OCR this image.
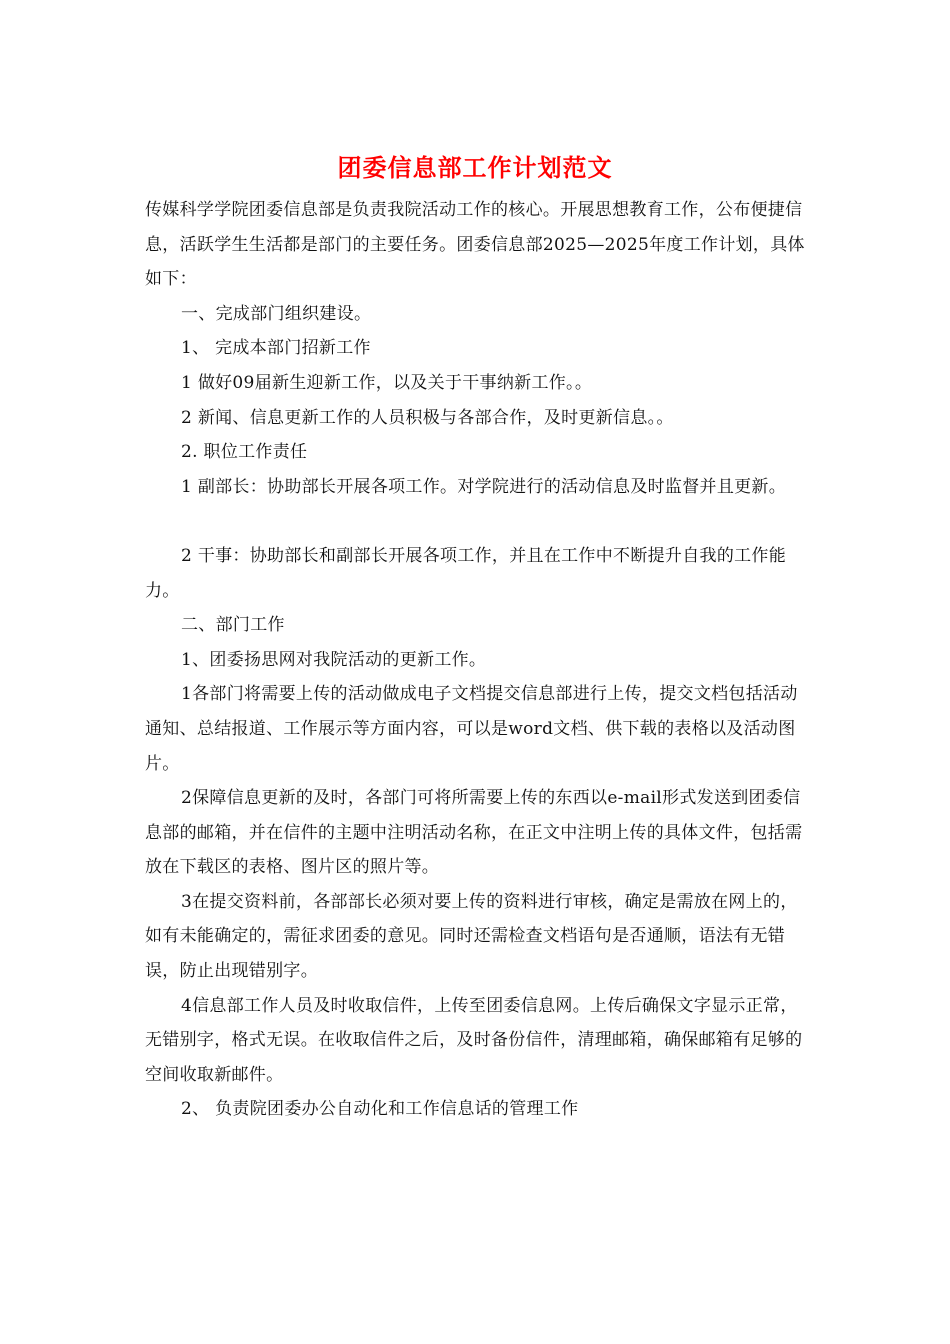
团委信息部工作计划范文

传媒科学学院团委信息部是负责我院活动工作的核心。开展思想教育工作，公布便捷信息，活跃学生生活都是部门的主要任务。团委信息部2025—2025年度工作计划，具体如下：

一、完成部门组织建设。

1、 完成本部门招新工作

1 做好09届新生迎新工作，以及关于干事纳新工作。。

2 新闻、信息更新工作的人员积极与各部合作，及时更新信息。。

2. 职位工作责任

1 副部长：协助部长开展各项工作。对学院进行的活动信息及时监督并且更新。

2 干事：协助部长和副部长开展各项工作，并且在工作中不断提升自我的工作能力。

二、部门工作

1、团委扬思网对我院活动的更新工作。

1各部门将需要上传的活动做成电子文档提交信息部进行上传，提交文档包括活动通知、总结报道、工作展示等方面内容，可以是word文档、供下载的表格以及活动图片。

2保障信息更新的及时，各部门可将所需要上传的东西以e-mail形式发送到团委信息部的邮箱，并在信件的主题中注明活动名称，在正文中注明上传的具体文件，包括需放在下载区的表格、图片区的照片等。

3在提交资料前，各部部长必须对要上传的资料进行审核，确定是需放在网上的，如有未能确定的，需征求团委的意见。同时还需检查文档语句是否通顺，语法有无错误，防止出现错别字。

4信息部工作人员及时收取信件，上传至团委信息网。上传后确保文字显示正常，无错别字，格式无误。在收取信件之后，及时备份信件，清理邮箱，确保邮箱有足够的空间收取新邮件。

2、 负责院团委办公自动化和工作信息话的管理工作
